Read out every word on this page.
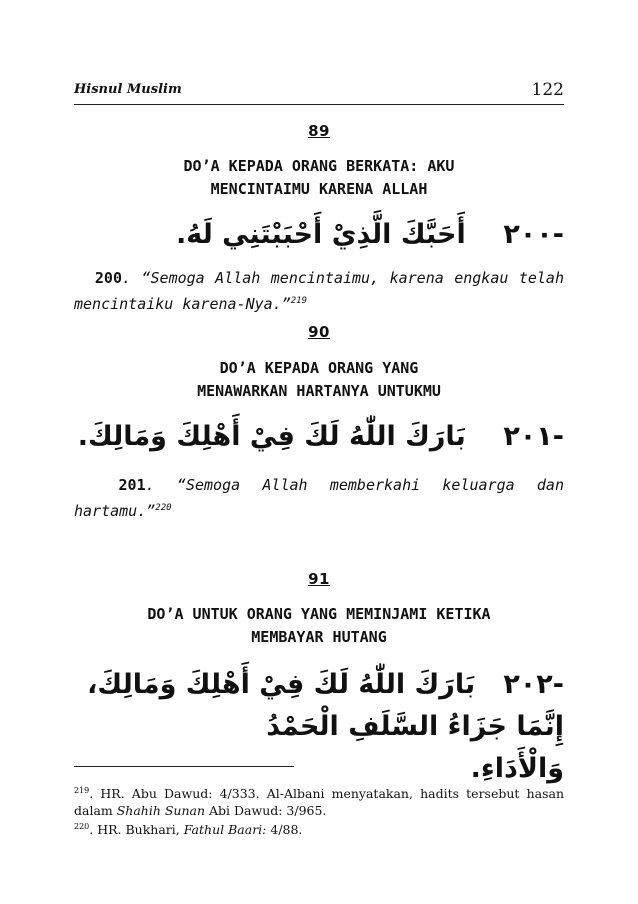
Hisnul Muslim	122
89
DO’A KEPADA ORANG BERKATA: AKU
MENCINTAIMU KARENA ALLAH
-٢٠٠    أَحَبَّكَ الَّذِيْ أَحْبَبْتَنِي لَهُ.
200. “Semoga Allah mencintaimu, karena engkau telah mencintaiku karena-Nya.”$^{219}$
90
DO’A KEPADA ORANG YANG
MENAWARKAN HARTANYA UNTUKMU
-٢٠١    بَارَكَ اللّٰهُ لَكَ فِيْ أَهْلِكَ وَمَالِكَ.
201. “Semoga Allah memberkahi keluarga dan hartamu.”$^{220}$
91
DO’A UNTUK ORANG YANG MEMINJAMI KETIKA
MEMBAYAR HUTANG
-٢٠٢   بَارَكَ اللّٰهُ لَكَ فِيْ أَهْلِكَ وَمَالِكَ، إِنَّمَا جَزَاءُ السَّلَفِ الْحَمْدُ
وَالْأَدَاءِ.
$^{219}$. HR. Abu Dawud: 4/333. Al-Albani menyatakan, hadits tersebut hasan dalam Shahih Sunan Abi Dawud: 3/965.
$^{220}$. HR. Bukhari, Fathul Baari: 4/88.
